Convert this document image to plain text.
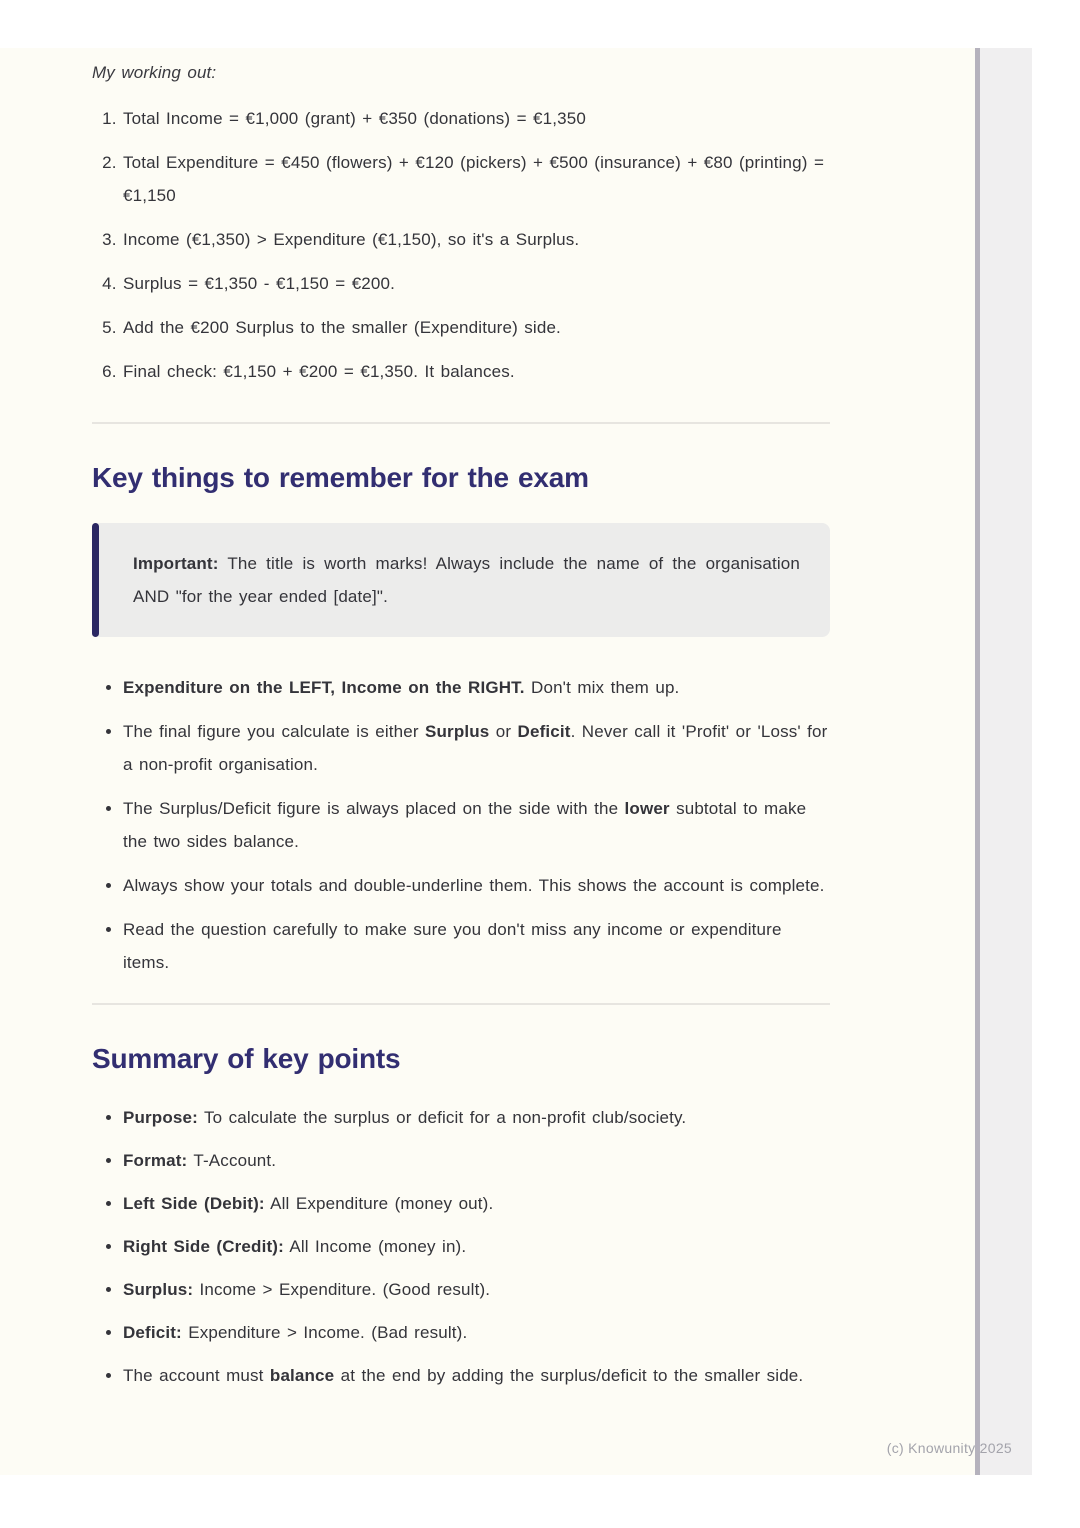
My working out:
1. Total Income = €1,000 (grant) + €350 (donations) = €1,350
2. Total Expenditure = €450 (flowers) + €120 (pickers) + €500 (insurance) + €80 (printing) = €1,150
3. Income (€1,350) > Expenditure (€1,150), so it's a Surplus.
4. Surplus = €1,350 - €1,150 = €200.
5. Add the €200 Surplus to the smaller (Expenditure) side.
6. Final check: €1,150 + €200 = €1,350. It balances.
Key things to remember for the exam
Important: The title is worth marks! Always include the name of the organisation AND "for the year ended [date]".
• Expenditure on the LEFT, Income on the RIGHT. Don't mix them up.
• The final figure you calculate is either Surplus or Deficit. Never call it 'Profit' or 'Loss' for a non-profit organisation.
• The Surplus/Deficit figure is always placed on the side with the lower subtotal to make the two sides balance.
• Always show your totals and double-underline them. This shows the account is complete.
• Read the question carefully to make sure you don't miss any income or expenditure items.
Summary of key points
• Purpose: To calculate the surplus or deficit for a non-profit club/society.
• Format: T-Account.
• Left Side (Debit): All Expenditure (money out).
• Right Side (Credit): All Income (money in).
• Surplus: Income > Expenditure. (Good result).
• Deficit: Expenditure > Income. (Bad result).
• The account must balance at the end by adding the surplus/deficit to the smaller side.
(c) Knowunity 2025
